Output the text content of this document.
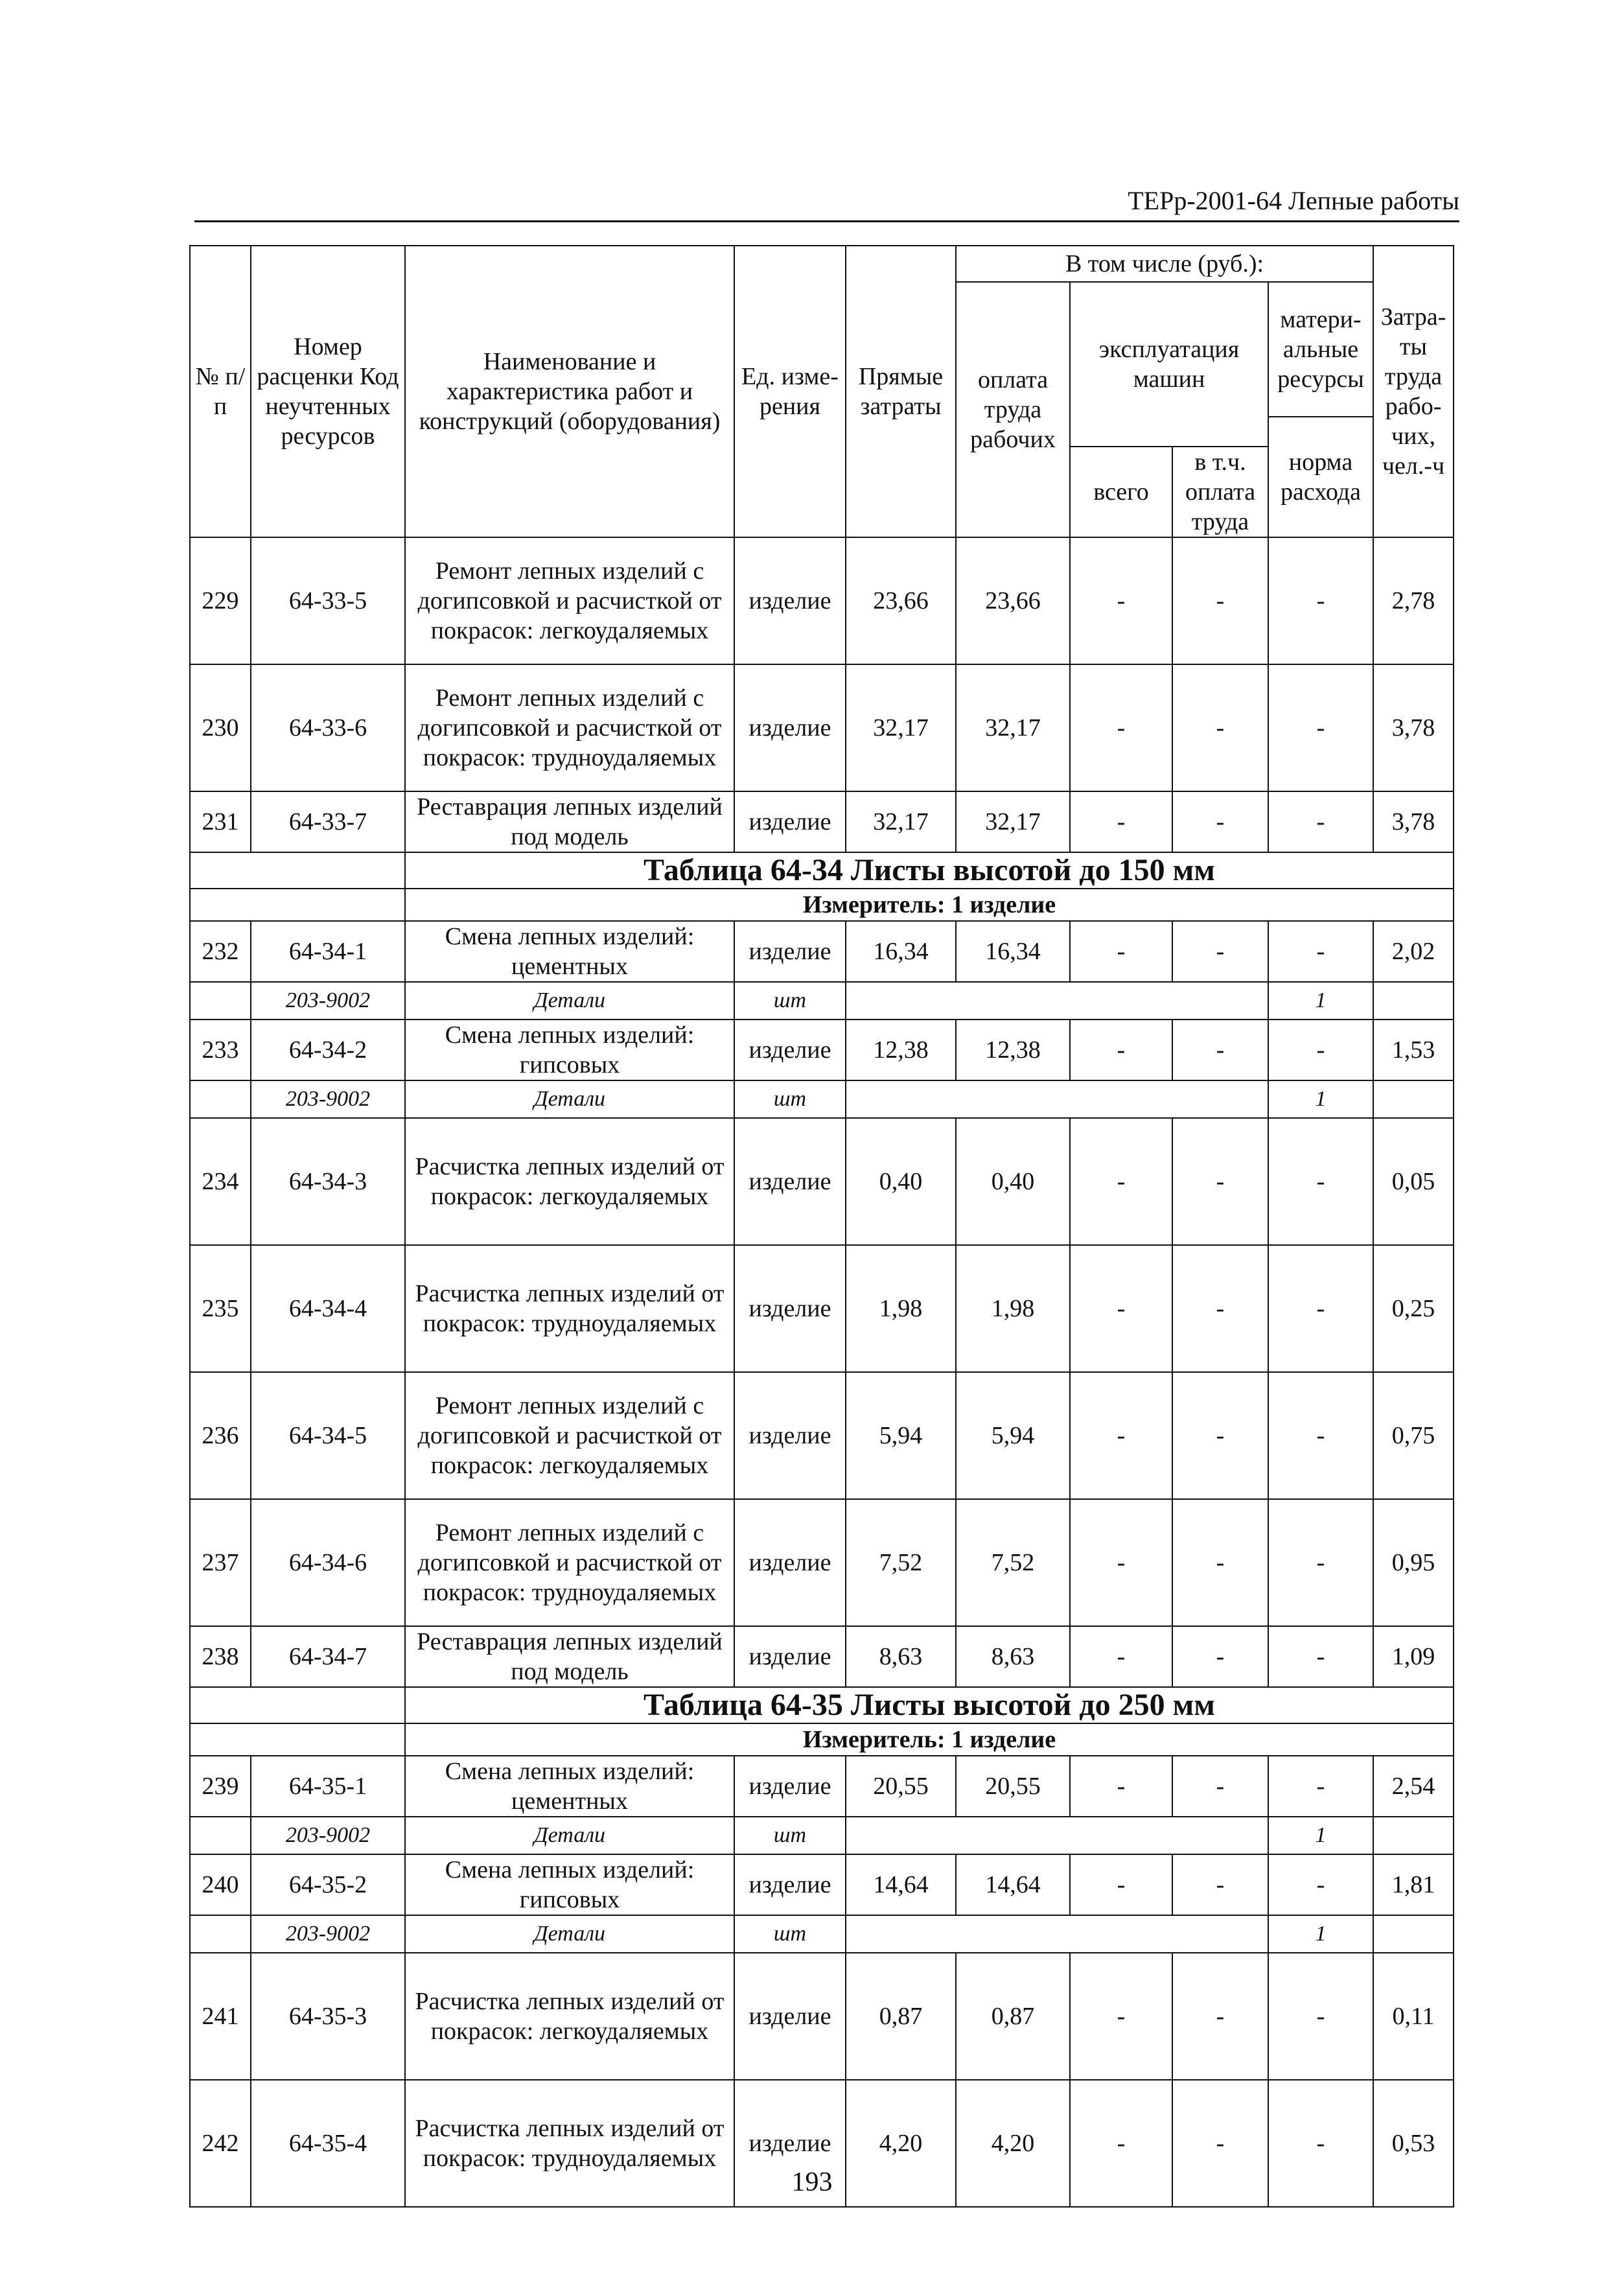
ТЕРр-2001-64 Лепные работы
№ п/п	Номер расценки Код неучтенных ресурсов	Наименование и характеристика работ и конструкций (оборудования)	Ед. изме- рения	Прямые затраты	В том числе (руб.):				Затра- ты труда рабо- чих, чел.-ч
					оплата труда рабочих	эксплуатация машин		матери- альные ресурсы	
								норма расхода	
						всего	в т.ч. оплата труда		
229	64-33-5	Ремонт лепных изделий с догипсовкой и расчисткой от покрасок: легкоудаляемых	изделие	23,66	23,66	-	-	-	2,78
230	64-33-6	Ремонт лепных изделий с догипсовкой и расчисткой от покрасок: трудноудаляемых	изделие	32,17	32,17	-	-	-	3,78
231	64-33-7	Реставрация лепных изделий под модель	изделие	32,17	32,17	-	-	-	3,78
		Таблица 64-34 Листы высотой до 150 мм							
		Измеритель: 1 изделие							
232	64-34-1	Смена лепных изделий: цементных	изделие	16,34	16,34	-	-	-	2,02
	203-9002	Детали	шт					1	
233	64-34-2	Смена лепных изделий: гипсовых	изделие	12,38	12,38	-	-	-	1,53
	203-9002	Детали	шт					1	
234	64-34-3	Расчистка лепных изделий от покрасок: легкоудаляемых	изделие	0,40	0,40	-	-	-	0,05
235	64-34-4	Расчистка лепных изделий от покрасок: трудноудаляемых	изделие	1,98	1,98	-	-	-	0,25
236	64-34-5	Ремонт лепных изделий с догипсовкой и расчисткой от покрасок: легкоудаляемых	изделие	5,94	5,94	-	-	-	0,75
237	64-34-6	Ремонт лепных изделий с догипсовкой и расчисткой от покрасок: трудноудаляемых	изделие	7,52	7,52	-	-	-	0,95
238	64-34-7	Реставрация лепных изделий под модель	изделие	8,63	8,63	-	-	-	1,09
		Таблица 64-35 Листы высотой до 250 мм							
		Измеритель: 1 изделие							
239	64-35-1	Смена лепных изделий: цементных	изделие	20,55	20,55	-	-	-	2,54
	203-9002	Детали	шт					1	
240	64-35-2	Смена лепных изделий: гипсовых	изделие	14,64	14,64	-	-	-	1,81
	203-9002	Детали	шт					1	
241	64-35-3	Расчистка лепных изделий от покрасок: легкоудаляемых	изделие	0,87	0,87	-	-	-	0,11
242	64-35-4	Расчистка лепных изделий от покрасок: трудноудаляемых	изделие	4,20	4,20	-	-	-	0,53
193
